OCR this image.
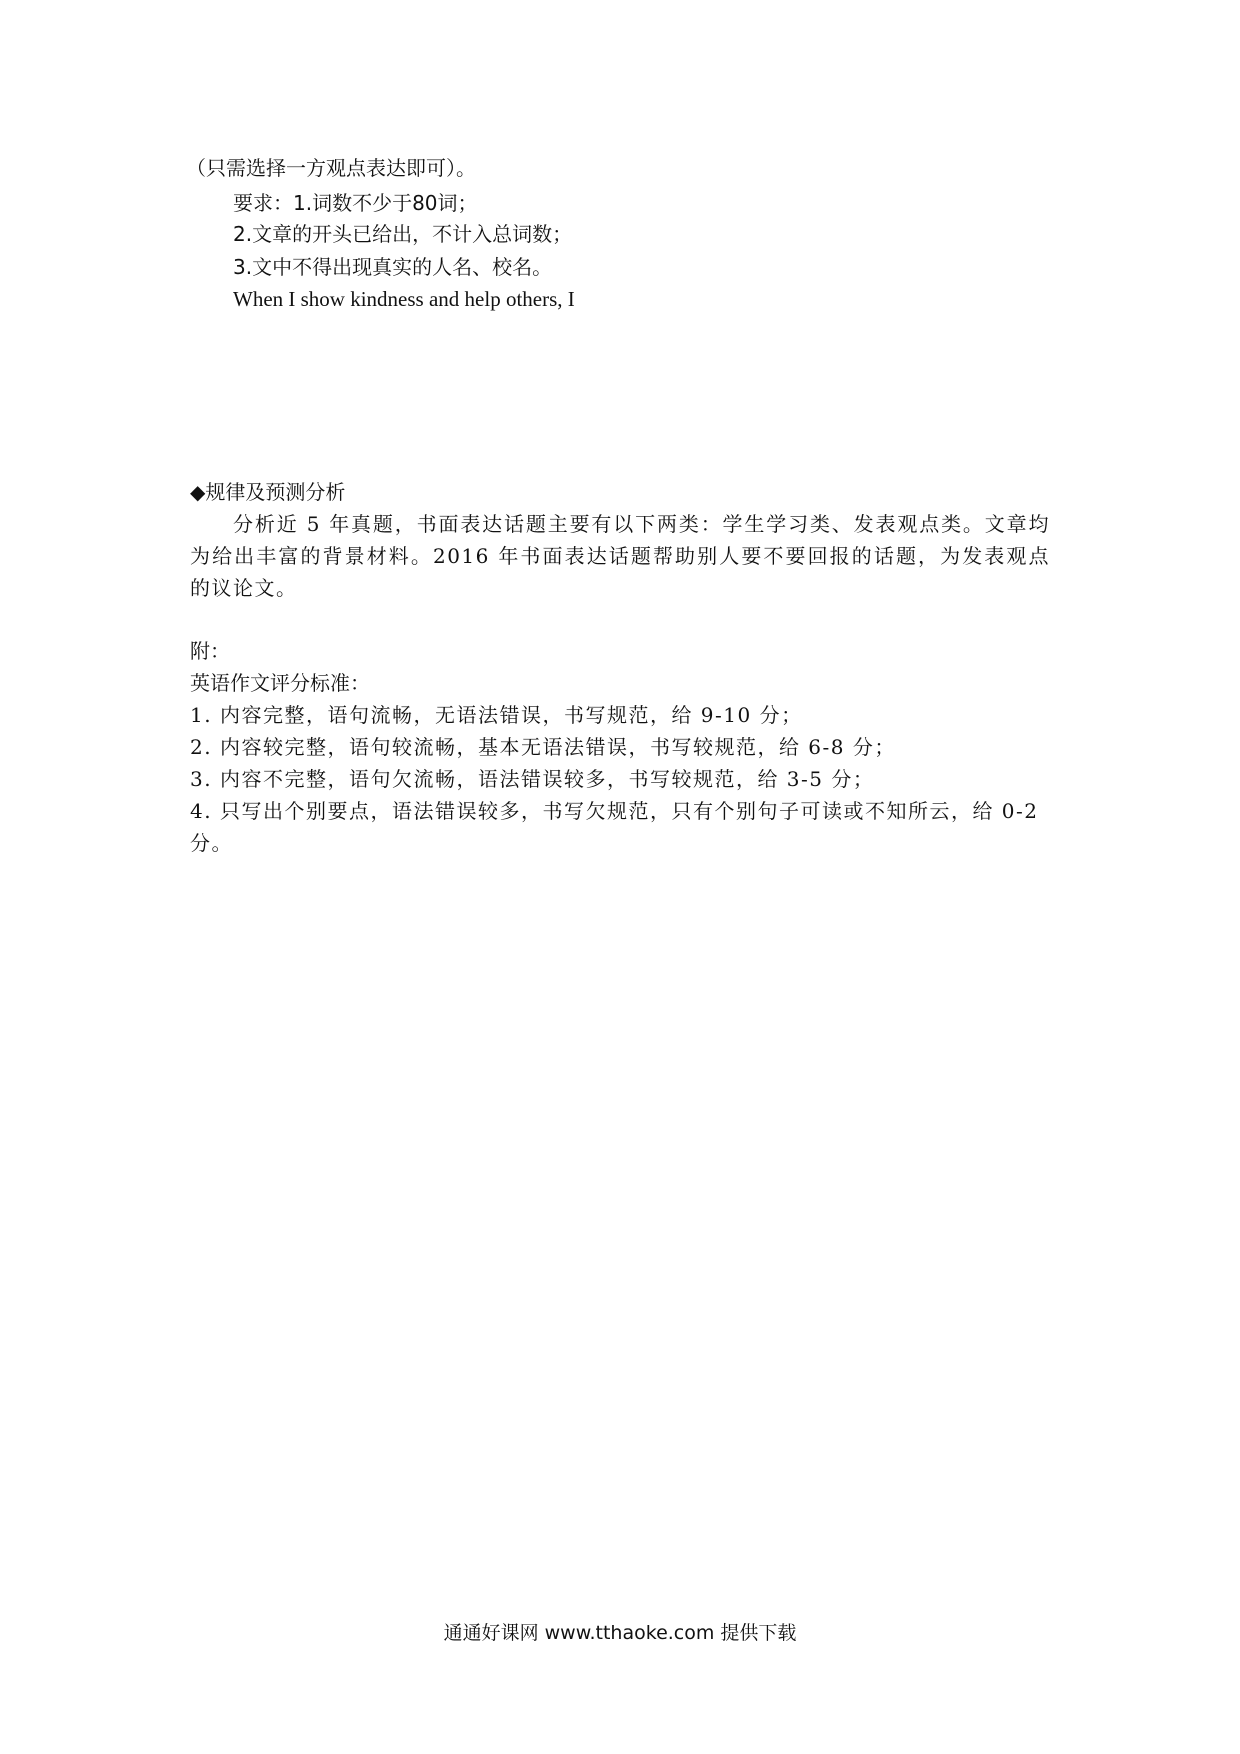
（只需选择一方观点表达即可）。
要求：1.词数不少于80词；
2.文章的开头已给出，不计入总词数；
3.文中不得出现真实的人名、校名。
When I show kindness and help others, I
◆规律及预测分析
分析近 5 年真题，书面表达话题主要有以下两类：学生学习类、发表观点类。文章均为给出丰富的背景材料。2016 年书面表达话题帮助别人要不要回报的话题，为发表观点的议论文。
附：
英语作文评分标准：
1. 内容完整，语句流畅，无语法错误，书写规范，给 9-10 分；
2. 内容较完整，语句较流畅，基本无语法错误，书写较规范，给 6-8 分；
3. 内容不完整，语句欠流畅，语法错误较多，书写较规范，给 3-5 分；
4. 只写出个别要点，语法错误较多，书写欠规范，只有个别句子可读或不知所云，给 0-2 分。
通通好课网 www.tthaoke.com 提供下载
